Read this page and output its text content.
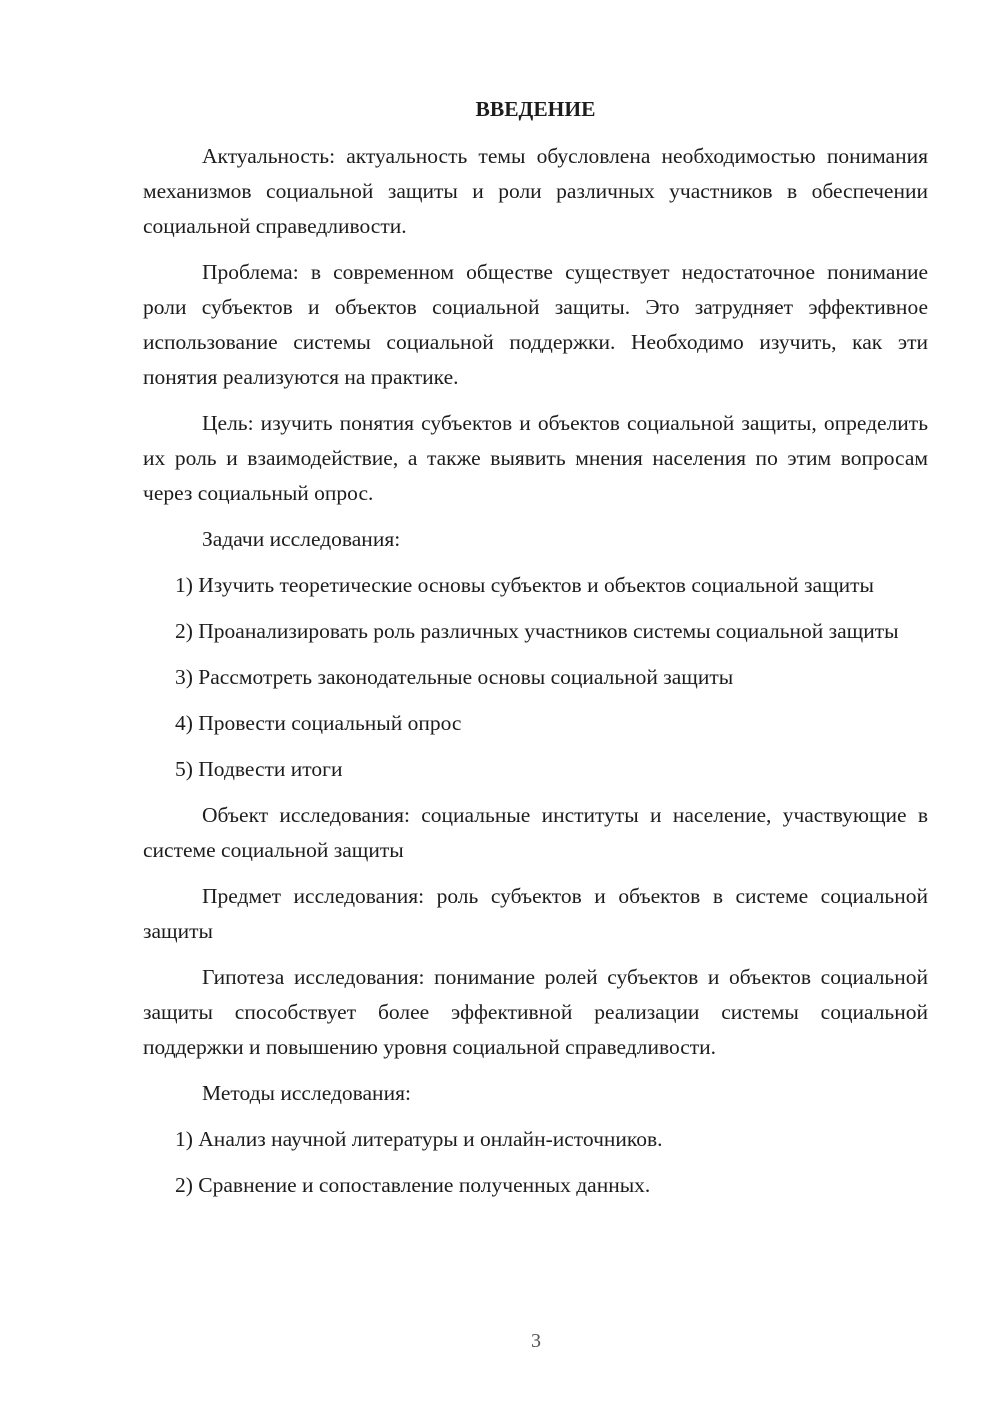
ВВЕДЕНИЕ

Актуальность: актуальность темы обусловлена необходимостью понимания механизмов социальной защиты и роли различных участников в обеспечении социальной справедливости.

Проблема: в современном обществе существует недостаточное понимание роли субъектов и объектов социальной защиты. Это затрудняет эффективное использование системы социальной поддержки. Необходимо изучить, как эти понятия реализуются на практике.

Цель: изучить понятия субъектов и объектов социальной защиты, определить их роль и взаимодействие, а также выявить мнения населения по этим вопросам через социальный опрос.

Задачи исследования:

1) Изучить теоретические основы субъектов и объектов социальной защиты

2) Проанализировать роль различных участников системы социальной защиты

3) Рассмотреть законодательные основы социальной защиты

4) Провести социальный опрос

5) Подвести итоги

Объект исследования: социальные институты и население, участвующие в системе социальной защиты

Предмет исследования: роль субъектов и объектов в системе социальной защиты

Гипотеза исследования: понимание ролей субъектов и объектов социальной защиты способствует более эффективной реализации системы социальной поддержки и повышению уровня социальной справедливости.

Методы исследования:

1) Анализ научной литературы и онлайн-источников.

2) Сравнение и сопоставление полученных данных.

3
